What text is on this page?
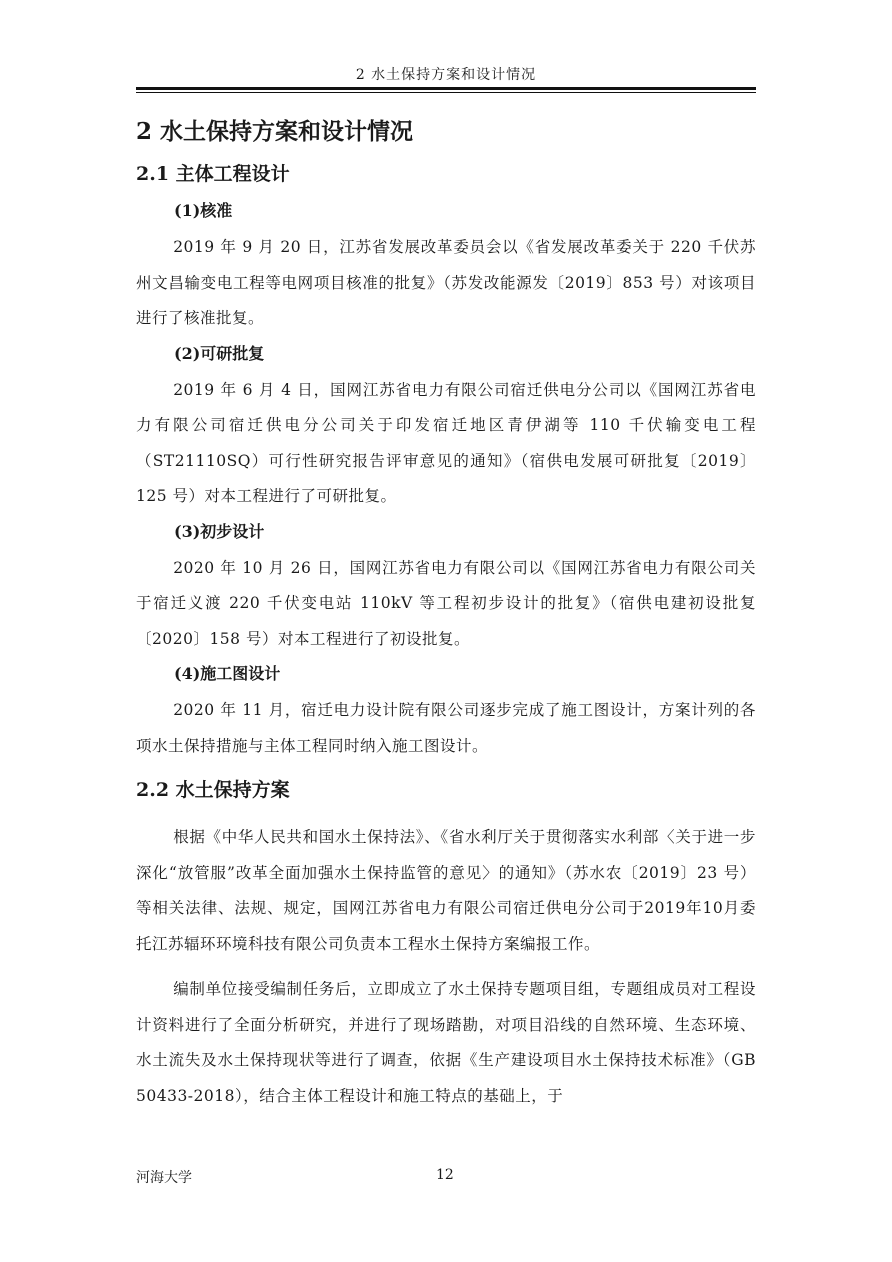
2 水土保持方案和设计情况
2 水土保持方案和设计情况
2.1 主体工程设计
(1)核准

2019 年 9 月 20 日，江苏省发展改革委员会以《省发展改革委关于 220 千伏苏州文昌输变电工程等电网项目核准的批复》（苏发改能源发〔2019〕853 号）对该项目进行了核准批复。

(2)可研批复

2019 年 6 月 4 日，国网江苏省电力有限公司宿迁供电分公司以《国网江苏省电力有限公司宿迁供电分公司关于印发宿迁地区青伊湖等 110 千伏输变电工程（ST21110SQ）可行性研究报告评审意见的通知》（宿供电发展可研批复〔2019〕125 号）对本工程进行了可研批复。

(3)初步设计

2020 年 10 月 26 日，国网江苏省电力有限公司以《国网江苏省电力有限公司关于宿迁义渡 220 千伏变电站 110kV 等工程初步设计的批复》（宿供电建初设批复〔2020〕158 号）对本工程进行了初设批复。

(4)施工图设计

2020 年 11 月，宿迁电力设计院有限公司逐步完成了施工图设计，方案计列的各项水土保持措施与主体工程同时纳入施工图设计。

2.2 水土保持方案

根据《中华人民共和国水土保持法》、《省水利厅关于贯彻落实水利部〈关于进一步深化“放管服”改革全面加强水土保持监管的意见〉的通知》（苏水农〔2019〕23 号）等相关法律、法规、规定，国网江苏省电力有限公司宿迁供电分公司于2019年10月委托江苏辐环环境科技有限公司负责本工程水土保持方案编报工作。

编制单位接受编制任务后，立即成立了水土保持专题项目组，专题组成员对工程设计资料进行了全面分析研究，并进行了现场踏勘，对项目沿线的自然环境、生态环境、水土流失及水土保持现状等进行了调查，依据《生产建设项目水土保持技术标准》（GB 50433-2018），结合主体工程设计和施工特点的基础上，于

河海大学	12
